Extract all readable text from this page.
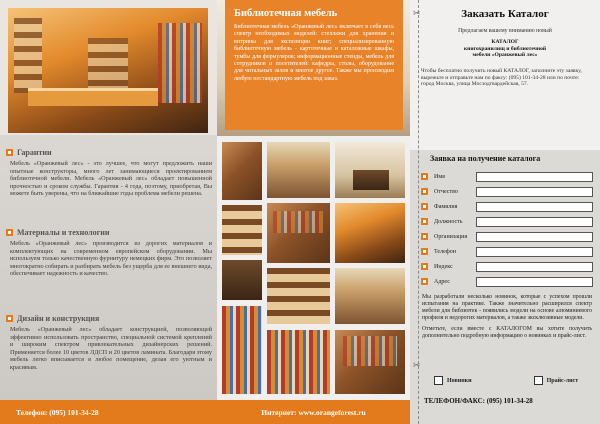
Гарантии
Мебель «Оранжевый лес» - это лучшее, что могут предложить наши опытные конструкторы, много лет занимающиеся проектированием библиотечной мебели. Мебель «Оранжевый лес» обладает повышенной прочностью и сроком службы. Гарантия - 4 года, поэтому, приобретая, Вы можете быть уверены, что на ближайшие годы проблема мебели решена.
Материалы и технологии
Мебель «Оранжевый лес» производится из дорогих материалов и комплектующих на современном европейском оборудовании. Мы используем только качественную фурнитуру немецких фирм. Это позволяет многократно собирать и разбирать мебель без ущерба для ее внешнего вида, обеспечивает надежность и качество.
Дизайн и конструкция
Мебель «Оранжевый лес» обладает конструкцией, позволяющей эффективно использовать пространство, специальной системой креплений и широким спектром привлекательных дизайнерских решений. Применяется более 10 цветов ЛДСП и 20 цветов ламината. Благодаря этому мебель легко вписывается в любое помещение, делая его уютным и красивым.
Телефон: (095) 101-34-28
Библиотечная мебель

Библиотечная мебель «Оранжевый лес» включает в себя весь спектр необходимых моделей: стеллажи для хранения и витрины для экспозиции книг; специализированную библиотечную мебель - картотечные и каталожные шкафы, тумбы для формуляров; информационные стенды, мебель для сотрудников и посетителей: кафедры, столы, оборудование для читальных залов и многое другое. Также мы производим любую нестандартную мебель под заказ.

Интернет: www.orangeforest.ru
Заказать Каталог
Предлагаем вашему вниманию новый
КАТАЛОГ
книгохранилищ и библиотечной
мебели «Оранжевый лес»
Чтобы бесплатно получить новый КАТАЛОГ, заполните эту заявку, вырежьте и отправьте нам по факсу: (095) 101-34-28 или по почте: город Москва, улица Мосзодгвардейская, 57.
Заявка на получение каталога
Имя
Отчество
Фамилия
Должность
Организация
Телефон
Индекс
Адрес
Мы разработали несколько новинок, которые с успехом прошли испытания на практике. Также значительно расширился спектр мебели для библиотек - появились модели на основе алюминиевого профиля и недорогих материалов, а также эксклюзивные модели.
Отметьте, если вместе с КАТАЛОГОМ вы хотите получить дополнительно подробную информацию о новинках и прайс-лист.
Новинки	Прайс-лист
ТЕЛЕФОН/ФАКС: (095) 101-34-28
✂
✂
